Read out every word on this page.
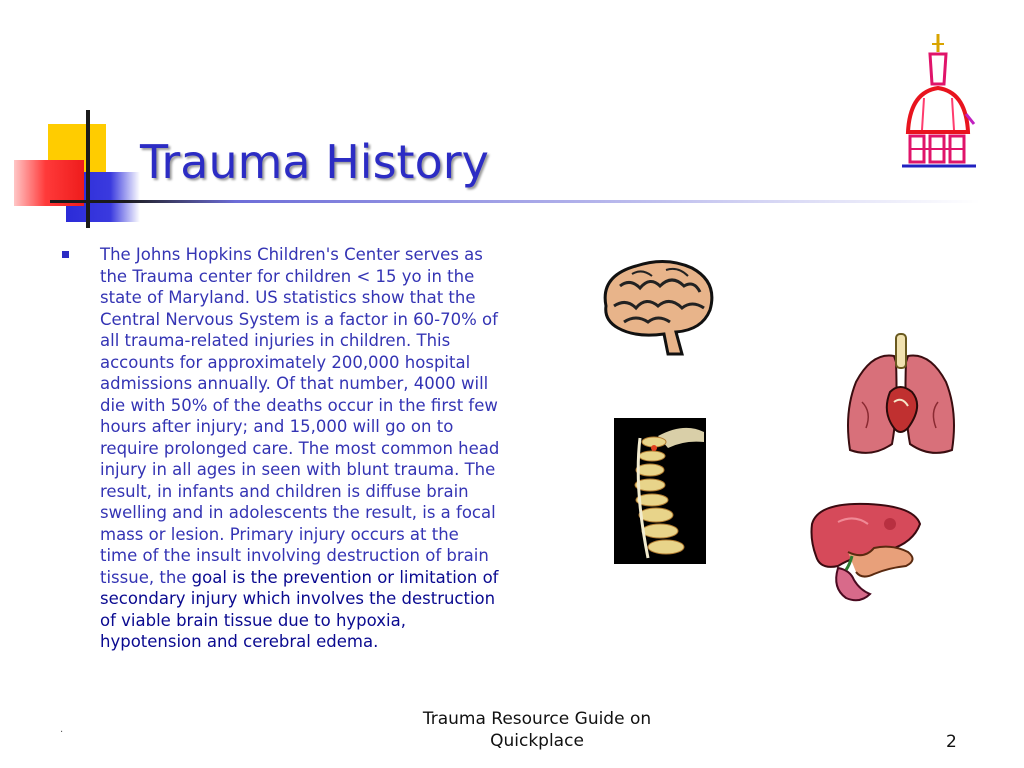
Trauma History

The Johns Hopkins Children's Center serves as the Trauma center for children < 15 yo in the state of Maryland. US statistics show that the Central Nervous System is a factor in 60-70% of all trauma-related injuries in children. This accounts for approximately 200,000 hospital admissions annually. Of that number, 4000 will die with 50% of the deaths occur in the first few hours after injury; and 15,000 will go on to require prolonged care. The most common head injury in all ages in seen with blunt trauma. The result, in infants and children is diffuse brain swelling and in adolescents the result, is a focal mass or lesion. Primary injury occurs at the time of the insult involving destruction of brain tissue, the goal is the prevention or limitation of secondary injury which involves the destruction of viable brain tissue due to hypoxia, hypotension and cerebral edema.

.
Trauma Resource Guide on
Quickplace	2
